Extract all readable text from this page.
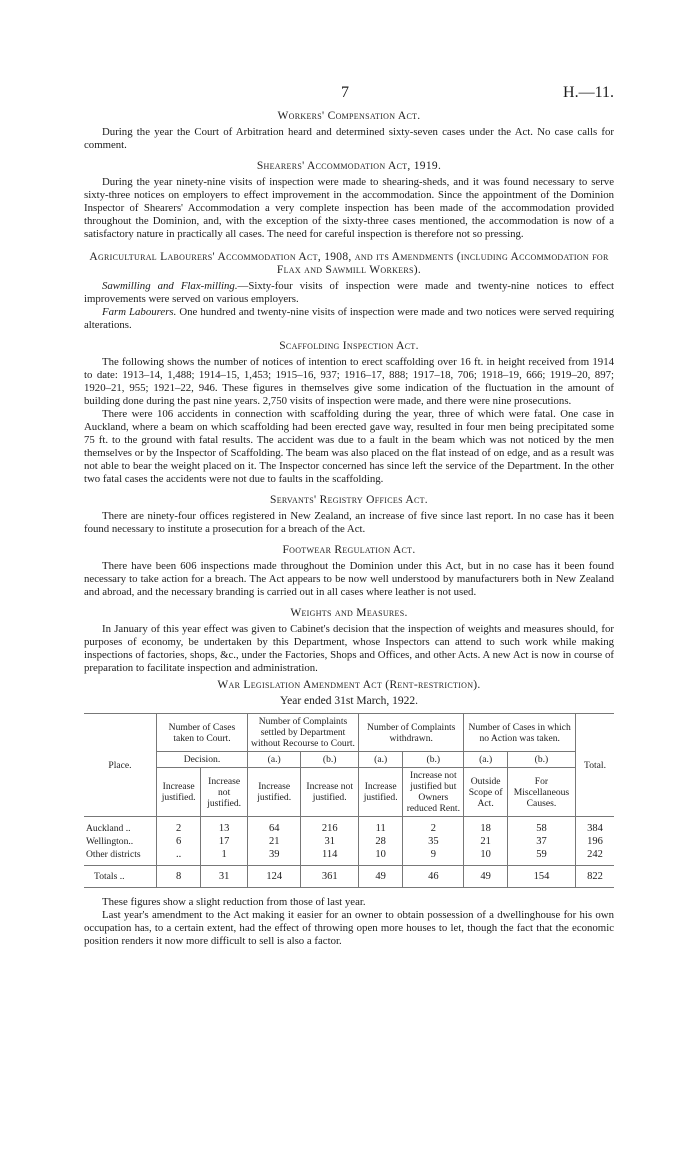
7	H.—11.
Workers' Compensation Act.

During the year the Court of Arbitration heard and determined sixty-seven cases under the Act. No case calls for comment.

Shearers' Accommodation Act, 1919.

During the year ninety-nine visits of inspection were made to shearing-sheds, and it was found necessary to serve sixty-three notices on employers to effect improvement in the accommodation. Since the appointment of the Dominion Inspector of Shearers' Accommodation a very complete inspection has been made of the accommodation provided throughout the Dominion, and, with the exception of the sixty-three cases mentioned, the accommodation is now of a satisfactory nature in practically all cases. The need for careful inspection is therefore not so pressing.

Agricultural Labourers' Accommodation Act, 1908, and its Amendments (including Accommodation for Flax and Sawmill Workers).

Sawmilling and Flax-milling.—Sixty-four visits of inspection were made and twenty-nine notices to effect improvements were served on various employers.

Farm Labourers. One hundred and twenty-nine visits of inspection were made and two notices were served requiring alterations.

Scaffolding Inspection Act.

The following shows the number of notices of intention to erect scaffolding over 16 ft. in height received from 1914 to date: 1913–14, 1,488; 1914–15, 1,453; 1915–16, 937; 1916–17, 888; 1917–18, 706; 1918–19, 666; 1919–20, 897; 1920–21, 955; 1921–22, 946. These figures in themselves give some indication of the fluctuation in the amount of building done during the past nine years. 2,750 visits of inspection were made, and there were nine prosecutions.

There were 106 accidents in connection with scaffolding during the year, three of which were fatal. One case in Auckland, where a beam on which scaffolding had been erected gave way, resulted in four men being precipitated some 75 ft. to the ground with fatal results. The accident was due to a fault in the beam which was not noticed by the men themselves or by the Inspector of Scaffolding. The beam was also placed on the flat instead of on edge, and as a result was not able to bear the weight placed on it. The Inspector concerned has since left the service of the Department. In the other two fatal cases the accidents were not due to faults in the scaffolding.

Servants' Registry Offices Act.

There are ninety-four offices registered in New Zealand, an increase of five since last report. In no case has it been found necessary to institute a prosecution for a breach of the Act.

Footwear Regulation Act.

There have been 606 inspections made throughout the Dominion under this Act, but in no case has it been found necessary to take action for a breach. The Act appears to be now well understood by manufacturers both in New Zealand and abroad, and the necessary branding is carried out in all cases where leather is not used.

Weights and Measures.

In January of this year effect was given to Cabinet's decision that the inspection of weights and measures should, for purposes of economy, be undertaken by this Department, whose Inspectors can attend to such work while making inspections of factories, shops, &c., under the Factories, Shops and Offices, and other Acts. A new Act is now in course of preparation to facilitate inspection and administration.

War Legislation Amendment Act (Rent-restriction).
Year ended 31st March, 1922.
Place.	Number of Cases taken to Court.		Number of Complaints settled by Department without Recourse to Court.		Number of Complaints withdrawn.		Number of Cases in which no Action was taken.		Total.
	Decision.		(a.)	(b.)	(a.)	(b.)	(a.)	(b.)	
	Increase justified.	Increase not justified.	Increase justified.	Increase not justified.	Increase justified.	Increase not justified but Owners reduced Rent.	Outside Scope of Act.	For Miscellaneous Causes.	
Auckland ..	2	13	64	216	11	2	18	58	384
Wellington..	6	17	21	31	28	35	21	37	196
Other districts	..	1	39	114	10	9	10	59	242

Totals ..	8	31	124	361	49	46	49	154	822

These figures show a slight reduction from those of last year.

Last year's amendment to the Act making it easier for an owner to obtain possession of a dwellinghouse for his own occupation has, to a certain extent, had the effect of throwing open more houses to let, though the fact that the economic position renders it now more difficult to sell is also a factor.
